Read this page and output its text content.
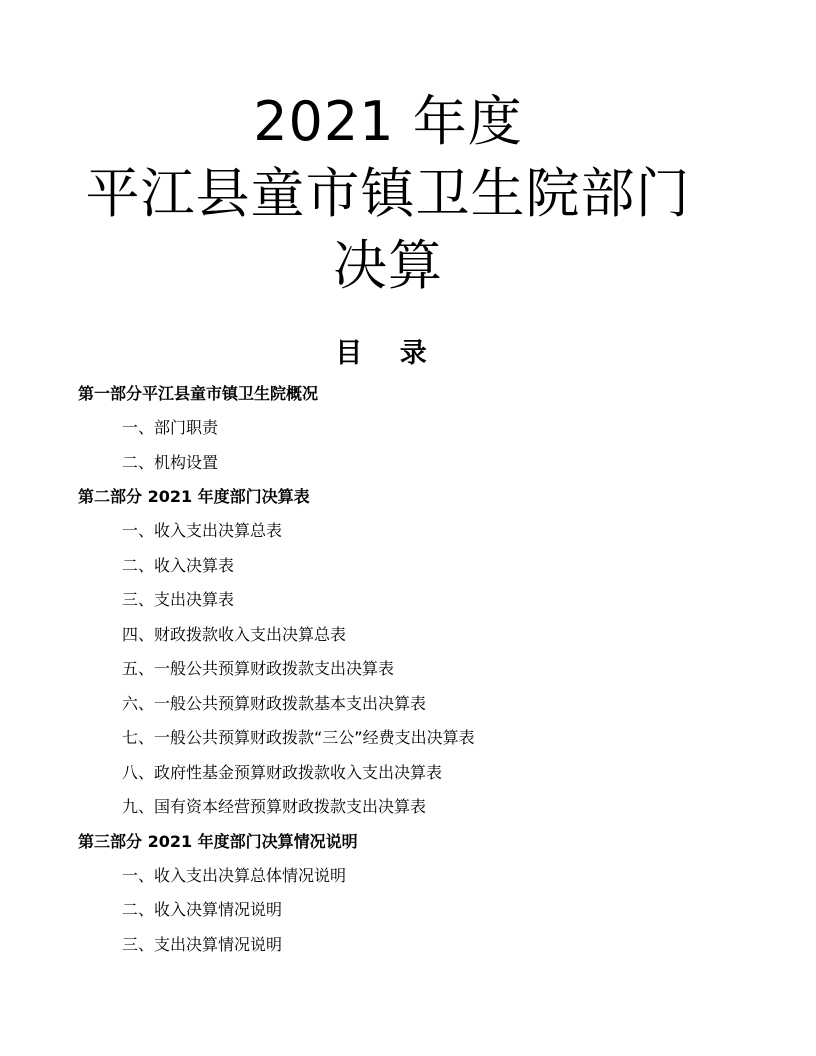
2021 年度
平江县童市镇卫生院部门
决算
目 录
第一部分平江县童市镇卫生院概况
一、部门职责
二、机构设置
第二部分 2021 年度部门决算表
一、收入支出决算总表
二、收入决算表
三、支出决算表
四、财政拨款收入支出决算总表
五、一般公共预算财政拨款支出决算表
六、一般公共预算财政拨款基本支出决算表
七、一般公共预算财政拨款“三公”经费支出决算表
八、政府性基金预算财政拨款收入支出决算表
九、国有资本经营预算财政拨款支出决算表
第三部分 2021 年度部门决算情况说明
一、收入支出决算总体情况说明
二、收入决算情况说明
三、支出决算情况说明
